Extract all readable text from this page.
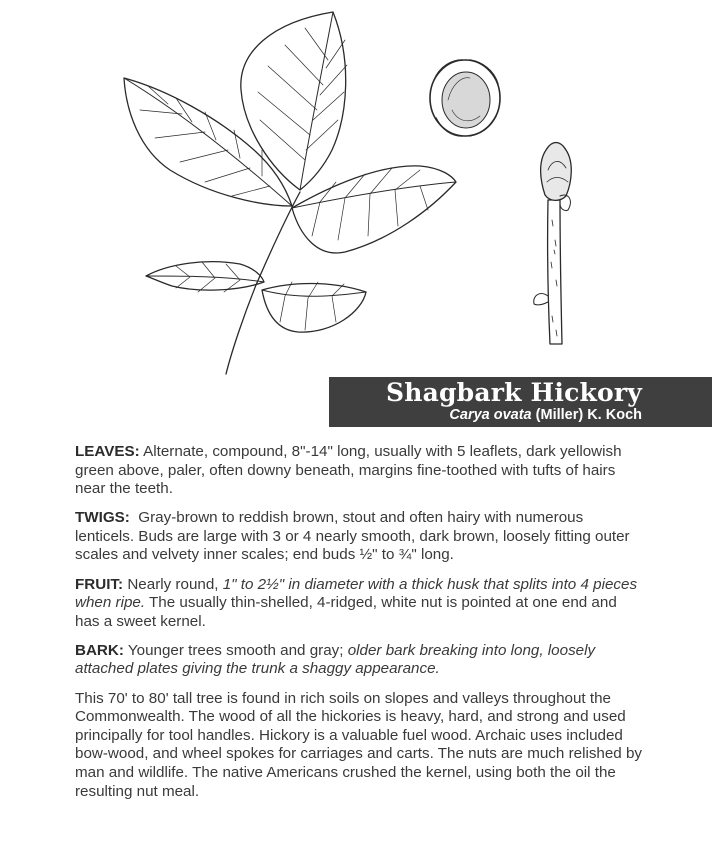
Shagbark Hickory
Carya ovata (Miller) K. Koch

LEAVES: Alternate, compound, 8"-14" long, usually with 5 leaflets, dark yellowish green above, paler, often downy beneath, margins fine-toothed with tufts of hairs near the teeth.

TWIGS: Gray-brown to reddish brown, stout and often hairy with numerous lenticels. Buds are large with 3 or 4 nearly smooth, dark brown, loosely fitting outer scales and velvety inner scales; end buds ½" to ¾" long.

FRUIT: Nearly round, 1" to 2½" in diameter with a thick husk that splits into 4 pieces when ripe. The usually thin-shelled, 4-ridged, white nut is pointed at one end and has a sweet kernel.

BARK: Younger trees smooth and gray; older bark breaking into long, loosely attached plates giving the trunk a shaggy appearance.

This 70' to 80' tall tree is found in rich soils on slopes and valleys throughout the Commonwealth. The wood of all the hickories is heavy, hard, and strong and used principally for tool handles. Hickory is a valuable fuel wood. Archaic uses included bow-wood, and wheel spokes for carriages and carts. The nuts are much relished by man and wildlife. The native Americans crushed the kernel, using both the oil the resulting nut meal.
